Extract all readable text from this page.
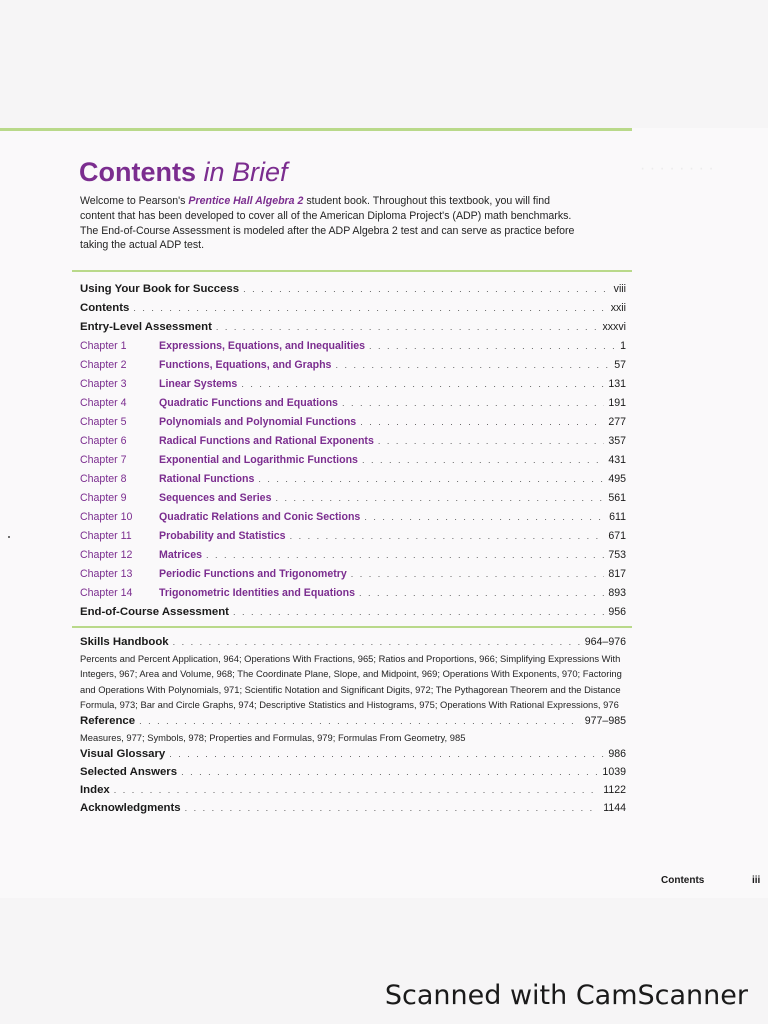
· · · · · · · ·
Contents in Brief

Welcome to Pearson's Prentice Hall Algebra 2 student book. Throughout this textbook, you will find content that has been developed to cover all of the American Diploma Project's (ADP) math benchmarks. The End-of-Course Assessment is modeled after the ADP Algebra 2 test and can serve as practice before taking the actual ADP test.

Using Your Book for Success . . .	viii
Contents . . .	xxii
Entry-Level Assessment . . .	xxxvi
Chapter 1	Expressions, Equations, and Inequalities . . .	1
Chapter 2	Functions, Equations, and Graphs . . .	57
Chapter 3	Linear Systems . . .	131
Chapter 4	Quadratic Functions and Equations . . .	191
Chapter 5	Polynomials and Polynomial Functions . . .	277
Chapter 6	Radical Functions and Rational Exponents . . .	357
Chapter 7	Exponential and Logarithmic Functions . . .	431
Chapter 8	Rational Functions . . .	495
Chapter 9	Sequences and Series . . .	561
Chapter 10	Quadratic Relations and Conic Sections . . .	611
Chapter 11	Probability and Statistics . . .	671
Chapter 12	Matrices . . .	753
Chapter 13	Periodic Functions and Trigonometry . . .	817
Chapter 14	Trigonometric Identities and Equations . . .	893
End-of-Course Assessment . . .	956
Skills Handbook . . .	964–976
Percents and Percent Application, 964; Operations With Fractions, 965; Ratios and Proportions, 966; Simplifying Expressions With Integers, 967; Area and Volume, 968; The Coordinate Plane, Slope, and Midpoint, 969; Operations With Exponents, 970; Factoring and Operations With Polynomials, 971; Scientific Notation and Significant Digits, 972; The Pythagorean Theorem and the Distance Formula, 973; Bar and Circle Graphs, 974; Descriptive Statistics and Histograms, 975; Operations With Rational Expressions, 976
Reference . . .	977–985
Measures, 977; Symbols, 978; Properties and Formulas, 979; Formulas From Geometry, 985
Visual Glossary . . .	986
Selected Answers . . .	1039
Index . . .	1122
Acknowledgments . . .	1144
Contents	iii
Scanned with CamScanner
